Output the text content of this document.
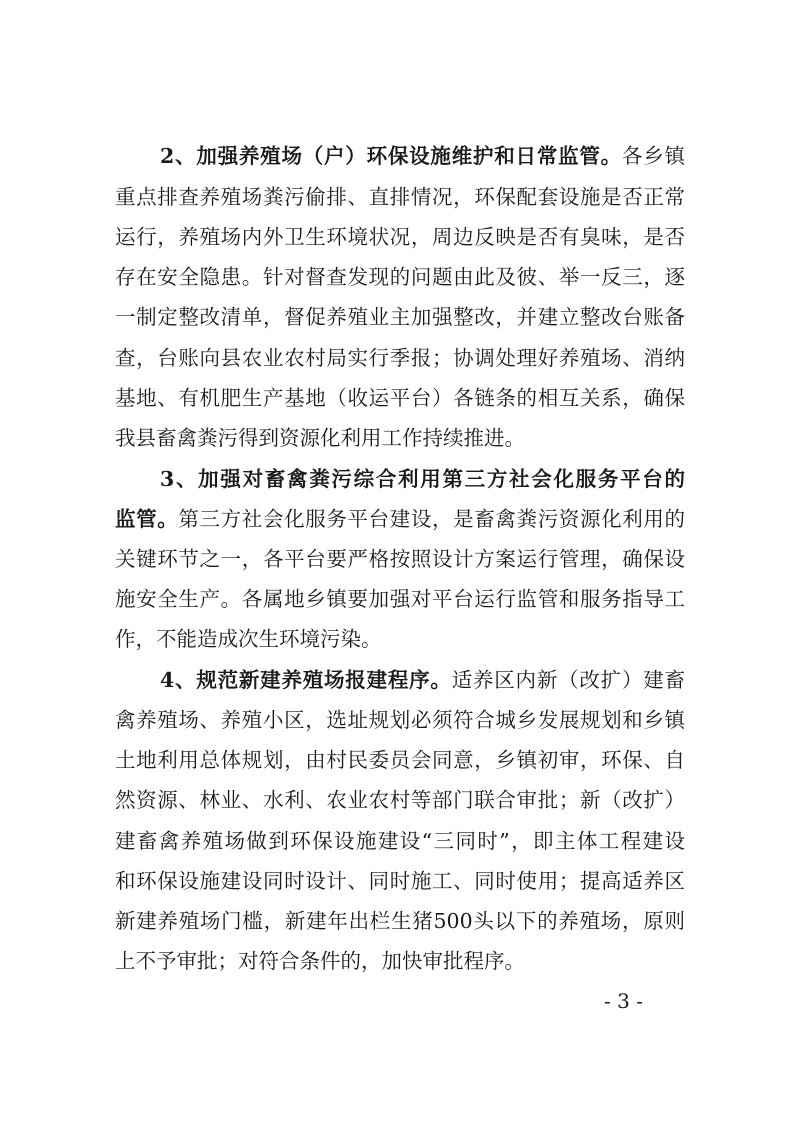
2、加强养殖场（户）环保设施维护和日常监管。各乡镇
重点排查养殖场粪污偷排、直排情况，环保配套设施是否正常
运行，养殖场内外卫生环境状况，周边反映是否有臭味，是否
存在安全隐患。针对督查发现的问题由此及彼、举一反三，逐
一制定整改清单，督促养殖业主加强整改，并建立整改台账备
查，台账向县农业农村局实行季报；协调处理好养殖场、消纳
基地、有机肥生产基地（收运平台）各链条的相互关系，确保
我县畜禽粪污得到资源化利用工作持续推进。
3、加强对畜禽粪污综合利用第三方社会化服务平台的
监管。第三方社会化服务平台建设，是畜禽粪污资源化利用的
关键环节之一，各平台要严格按照设计方案运行管理，确保设
施安全生产。各属地乡镇要加强对平台运行监管和服务指导工
作，不能造成次生环境污染。
4、规范新建养殖场报建程序。适养区内新（改扩）建畜
禽养殖场、养殖小区，选址规划必须符合城乡发展规划和乡镇
土地利用总体规划，由村民委员会同意，乡镇初审，环保、自
然资源、林业、水利、农业农村等部门联合审批；新（改扩）
建畜禽养殖场做到环保设施建设“三同时”，即主体工程建设
和环保设施建设同时设计、同时施工、同时使用；提高适养区
新建养殖场门槛，新建年出栏生猪500头以下的养殖场，原则
上不予审批；对符合条件的，加快审批程序。
- 3 -
